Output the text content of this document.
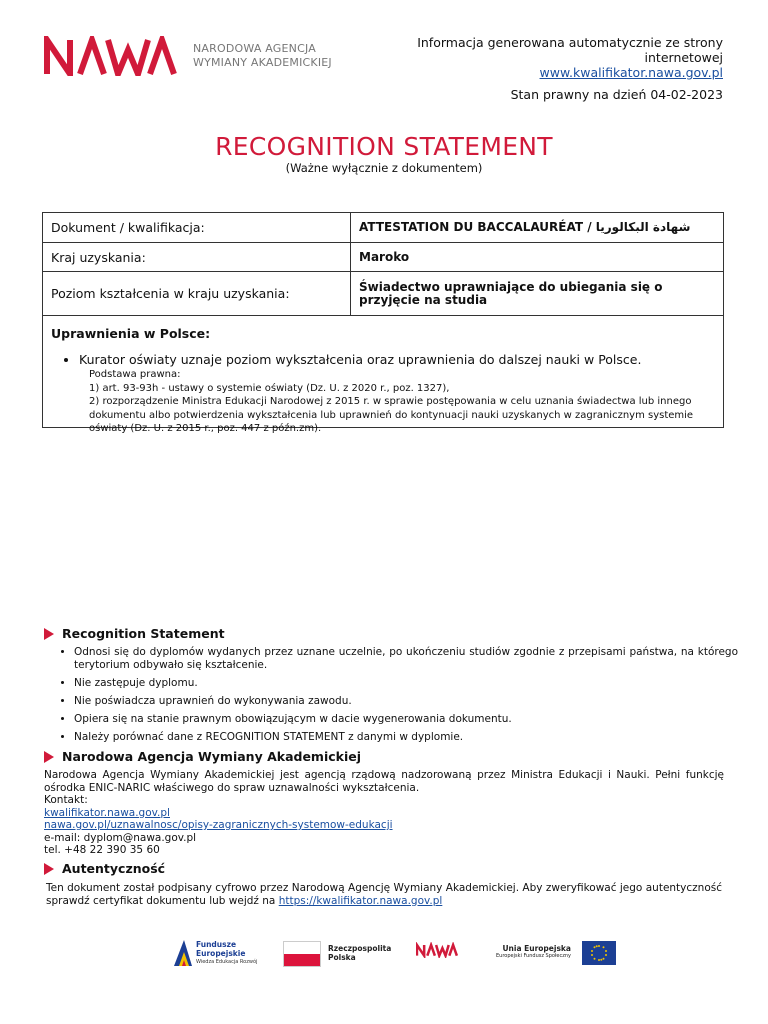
NARODOWA AGENCJA
WYMIANY AKADEMICKIEJ
Informacja generowana automatycznie ze strony internetowej
www.kwalifikator.nawa.gov.pl
Stan prawny na dzień 04-02-2023
RECOGNITION STATEMENT
(Ważne wyłącznie z dokumentem)
Dokument / kwalifikacja:	ATTESTATION DU BACCALAURÉAT / شهادة البكالوريا
Kraj uzyskania:	Maroko
Poziom kształcenia w kraju uzyskania:	Świadectwo uprawniające do ubiegania się o przyjęcie na studia
Uprawnienia w Polsce:
• Kurator oświaty uznaje poziom wykształcenia oraz uprawnienia do dalszej nauki w Polsce.
Podstawa prawna:
1) art. 93-93h - ustawy o systemie oświaty (Dz. U. z 2020 r., poz. 1327),
2) rozporządzenie Ministra Edukacji Narodowej z 2015 r. w sprawie postępowania w celu uznania świadectwa lub innego dokumentu albo potwierdzenia wykształcenia lub uprawnień do kontynuacji nauki uzyskanych w zagranicznym systemie oświaty (Dz. U. z 2015 r., poz. 447 z późn.zm).
Recognition Statement
• Odnosi się do dyplomów wydanych przez uznane uczelnie, po ukończeniu studiów zgodnie z przepisami państwa, na którego terytorium odbywało się kształcenie.
• Nie zastępuje dyplomu.
• Nie poświadcza uprawnień do wykonywania zawodu.
• Opiera się na stanie prawnym obowiązującym w dacie wygenerowania dokumentu.
• Należy porównać dane z RECOGNITION STATEMENT z danymi w dyplomie.
Narodowa Agencja Wymiany Akademickiej
Narodowa Agencja Wymiany Akademickiej jest agencją rządową nadzorowaną przez Ministra Edukacji i Nauki. Pełni funkcję ośrodka ENIC-NARIC właściwego do spraw uznawalności wykształcenia.
Kontakt:
kwalifikator.nawa.gov.pl
nawa.gov.pl/uznawalnosc/opisy-zagranicznych-systemow-edukacji
e-mail: dyplom@nawa.gov.pl
tel. +48 22 390 35 60
Autentyczność
Ten dokument został podpisany cyfrowo przez Narodową Agencję Wymiany Akademickiej. Aby zweryfikować jego autentyczność sprawdź certyfikat dokumentu lub wejdź na https://kwalifikator.nawa.gov.pl
Fundusze
Europejskie
Wiedza Edukacja Rozwój
Rzeczpospolita
Polska
Unia Europejska
Europejski Fundusz Społeczny
